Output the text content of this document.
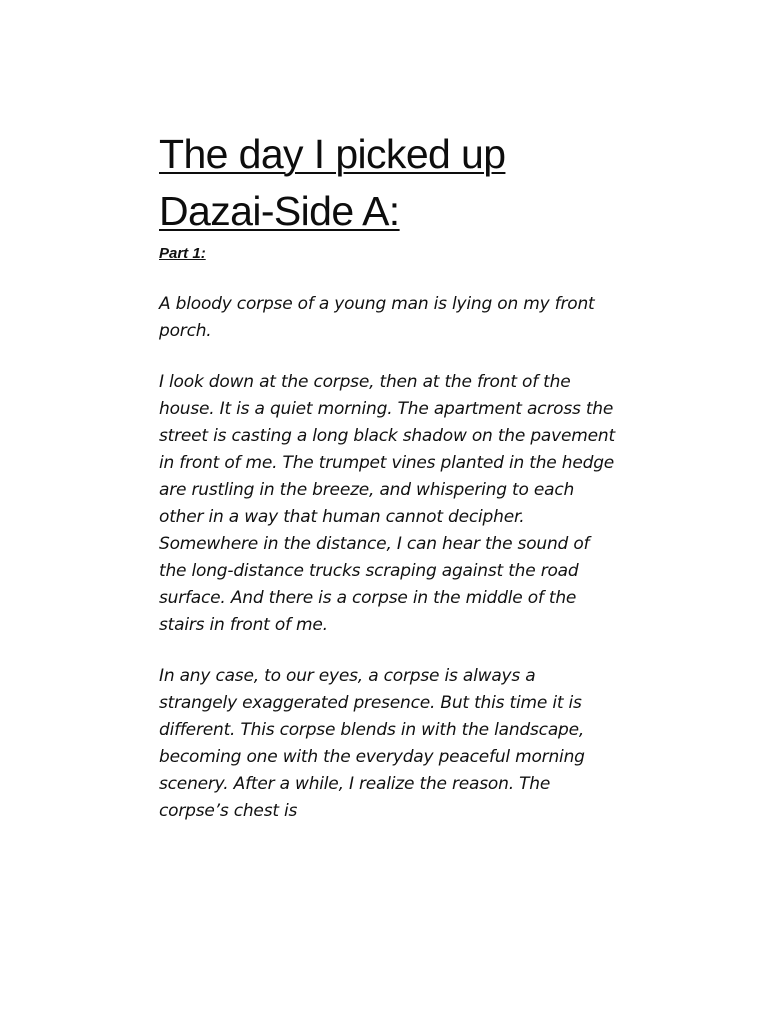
The day I picked up Dazai-Side A:
Part 1:

A bloody corpse of a young man is lying on my front porch.

I look down at the corpse, then at the front of the house. It is a quiet morning. The apartment across the street is casting a long black shadow on the pavement in front of me. The trumpet vines planted in the hedge are rustling in the breeze, and whispering to each other in a way that human cannot decipher. Somewhere in the distance, I can hear the sound of the long-distance trucks scraping against the road surface. And there is a corpse in the middle of the stairs in front of me.

In any case, to our eyes, a corpse is always a strangely exaggerated presence. But this time it is different. This corpse blends in with the landscape, becoming one with the everyday peaceful morning scenery. After a while, I realize the reason. The corpse’s chest is
